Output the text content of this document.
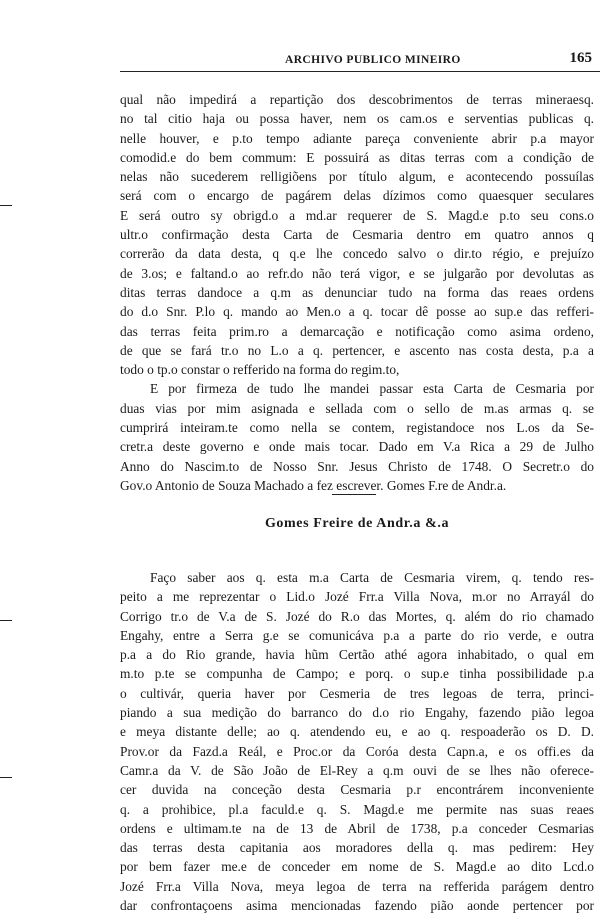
ARCHIVO PUBLICO MINEIRO	165
qual não impedirá a repartição dos descobrimentos de terras mineraesq.
no tal citio haja ou possa haver, nem os cam.os e serventias publicas q.
nelle houver, e p.to tempo adiante pareça conveniente abrir p.a mayor
comodid.e do bem commum: E possuirá as ditas terras com a condição de
nelas não sucederem relligiõens por título algum, e acontecendo possuílas
será com o encargo de pagárem delas dízimos como quaesquer seculares
E será outro sy obrigd.o a md.ar requerer de S. Magd.e p.to seu cons.o
ultr.o confirmação desta Carta de Cesmaria dentro em quatro annos q
correrão da data desta, q q.e lhe concedo salvo o dir.to régio, e prejuízo
de 3.os; e faltand.o ao refr.do não terá vigor, e se julgarão por devolutas as
ditas terras dandoce a q.m as denunciar tudo na forma das reaes ordens
do d.o Snr. P.lo q. mando ao Men.o a q. tocar dê posse ao sup.e das refferi-
das terras feita prim.ro a demarcação e notificação como asima ordeno,
de que se fará tr.o no L.o a q. pertencer, e ascento nas costa desta, p.a a
todo o tp.o constar o refferido na forma do regim.to,
E por firmeza de tudo lhe mandei passar esta Carta de Cesmaria por
duas vias por mim asignada e sellada com o sello de m.as armas q. se
cumprirá inteiram.te como nella se contem, registandoce nos L.os da Se-
cretr.a deste governo e onde mais tocar. Dado em V.a Rica a 29 de Julho
Anno do Nascim.to de Nosso Snr. Jesus Christo de 1748. O Secretr.o do
Gov.o Antonio de Souza Machado a fez escrever. Gomes F.re de Andr.a.
Gomes Freire de Andr.a &.a
Faço saber aos q. esta m.a Carta de Cesmaria virem, q. tendo res-
peito a me reprezentar o Lid.o Jozé Frr.a Villa Nova, m.or no Arrayál do
Corrigo tr.o de V.a de S. Jozé do R.o das Mortes, q. além do rio chamado
Engahy, entre a Serra g.e se comunicáva p.a a parte do rio verde, e outra
p.a a do Rio grande, havia hũm Certão athé agora inhabitado, o qual em
m.to p.te se compunha de Campo; e porq. o sup.e tinha possibilidade p.a
o cultivár, queria haver por Cesmeria de tres legoas de terra, princi-
piando a sua medição do barranco do d.o rio Engahy, fazendo pião legoa
e meya distante delle; ao q. atendendo eu, e ao q. respoaderão os D. D.
Prov.or da Fazd.a Reál, e Proc.or da Coróa desta Capn.a, e os offi.es da
Camr.a da V. de São João de El-Rey a q.m ouvi de se lhes não oferece-
cer duvida na conceção desta Cesmaria p.r encontrárem inconveniente
q. a prohibice, pl.a faculd.e q. S. Magd.e me permite nas suas reaes
ordens e ultimam.te na de 13 de Abril de 1738, p.a conceder Cesmarias
das terras desta capitania aos moradores della q. mas pedirem: Hey
por bem fazer me.e de conceder em nome de S. Magd.e ao dito Lcd.o
Jozé Frr.a Villa Nova, meya legoa de terra na refferida parágem dentro
dar confrontaçoens asima mencionadas fazendo pião aonde pertencer por
